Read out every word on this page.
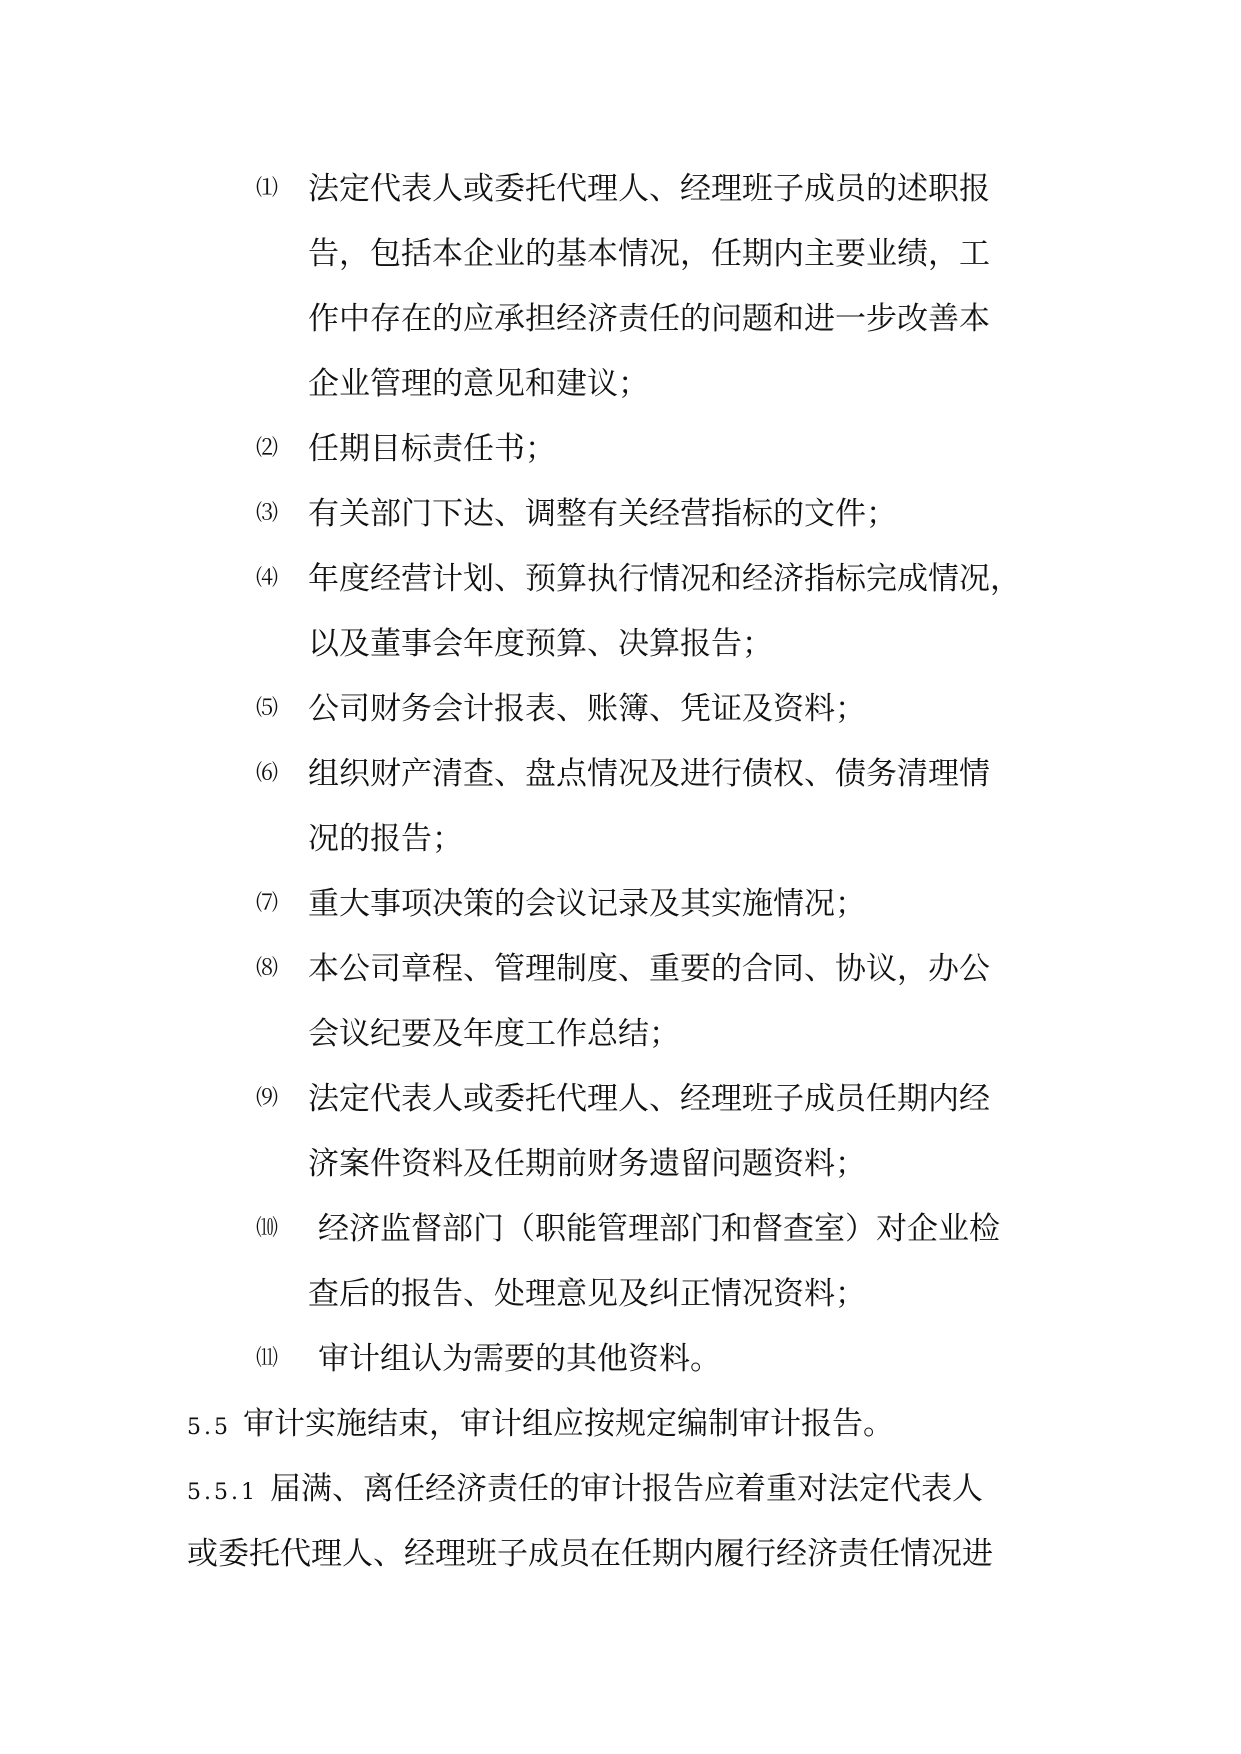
⑴ 法定代表人或委托代理人、经理班子成员的述职报
告，包括本企业的基本情况，任期内主要业绩，工
作中存在的应承担经济责任的问题和进一步改善本
企业管理的意见和建议；
⑵ 任期目标责任书；
⑶ 有关部门下达、调整有关经营指标的文件；
⑷ 年度经营计划、预算执行情况和经济指标完成情况，
以及董事会年度预算、决算报告；
⑸ 公司财务会计报表、账簿、凭证及资料；
⑹ 组织财产清查、盘点情况及进行债权、债务清理情
况的报告；
⑺ 重大事项决策的会议记录及其实施情况；
⑻ 本公司章程、管理制度、重要的合同、协议，办公
会议纪要及年度工作总结；
⑼ 法定代表人或委托代理人、经理班子成员任期内经
济案件资料及任期前财务遗留问题资料；
⑽ 经济监督部门（职能管理部门和督查室）对企业检
查后的报告、处理意见及纠正情况资料；
⑾ 审计组认为需要的其他资料。
5.5 审计实施结束，审计组应按规定编制审计报告。
5.5.1 届满、离任经济责任的审计报告应着重对法定代表人
或委托代理人、经理班子成员在任期内履行经济责任情况进
